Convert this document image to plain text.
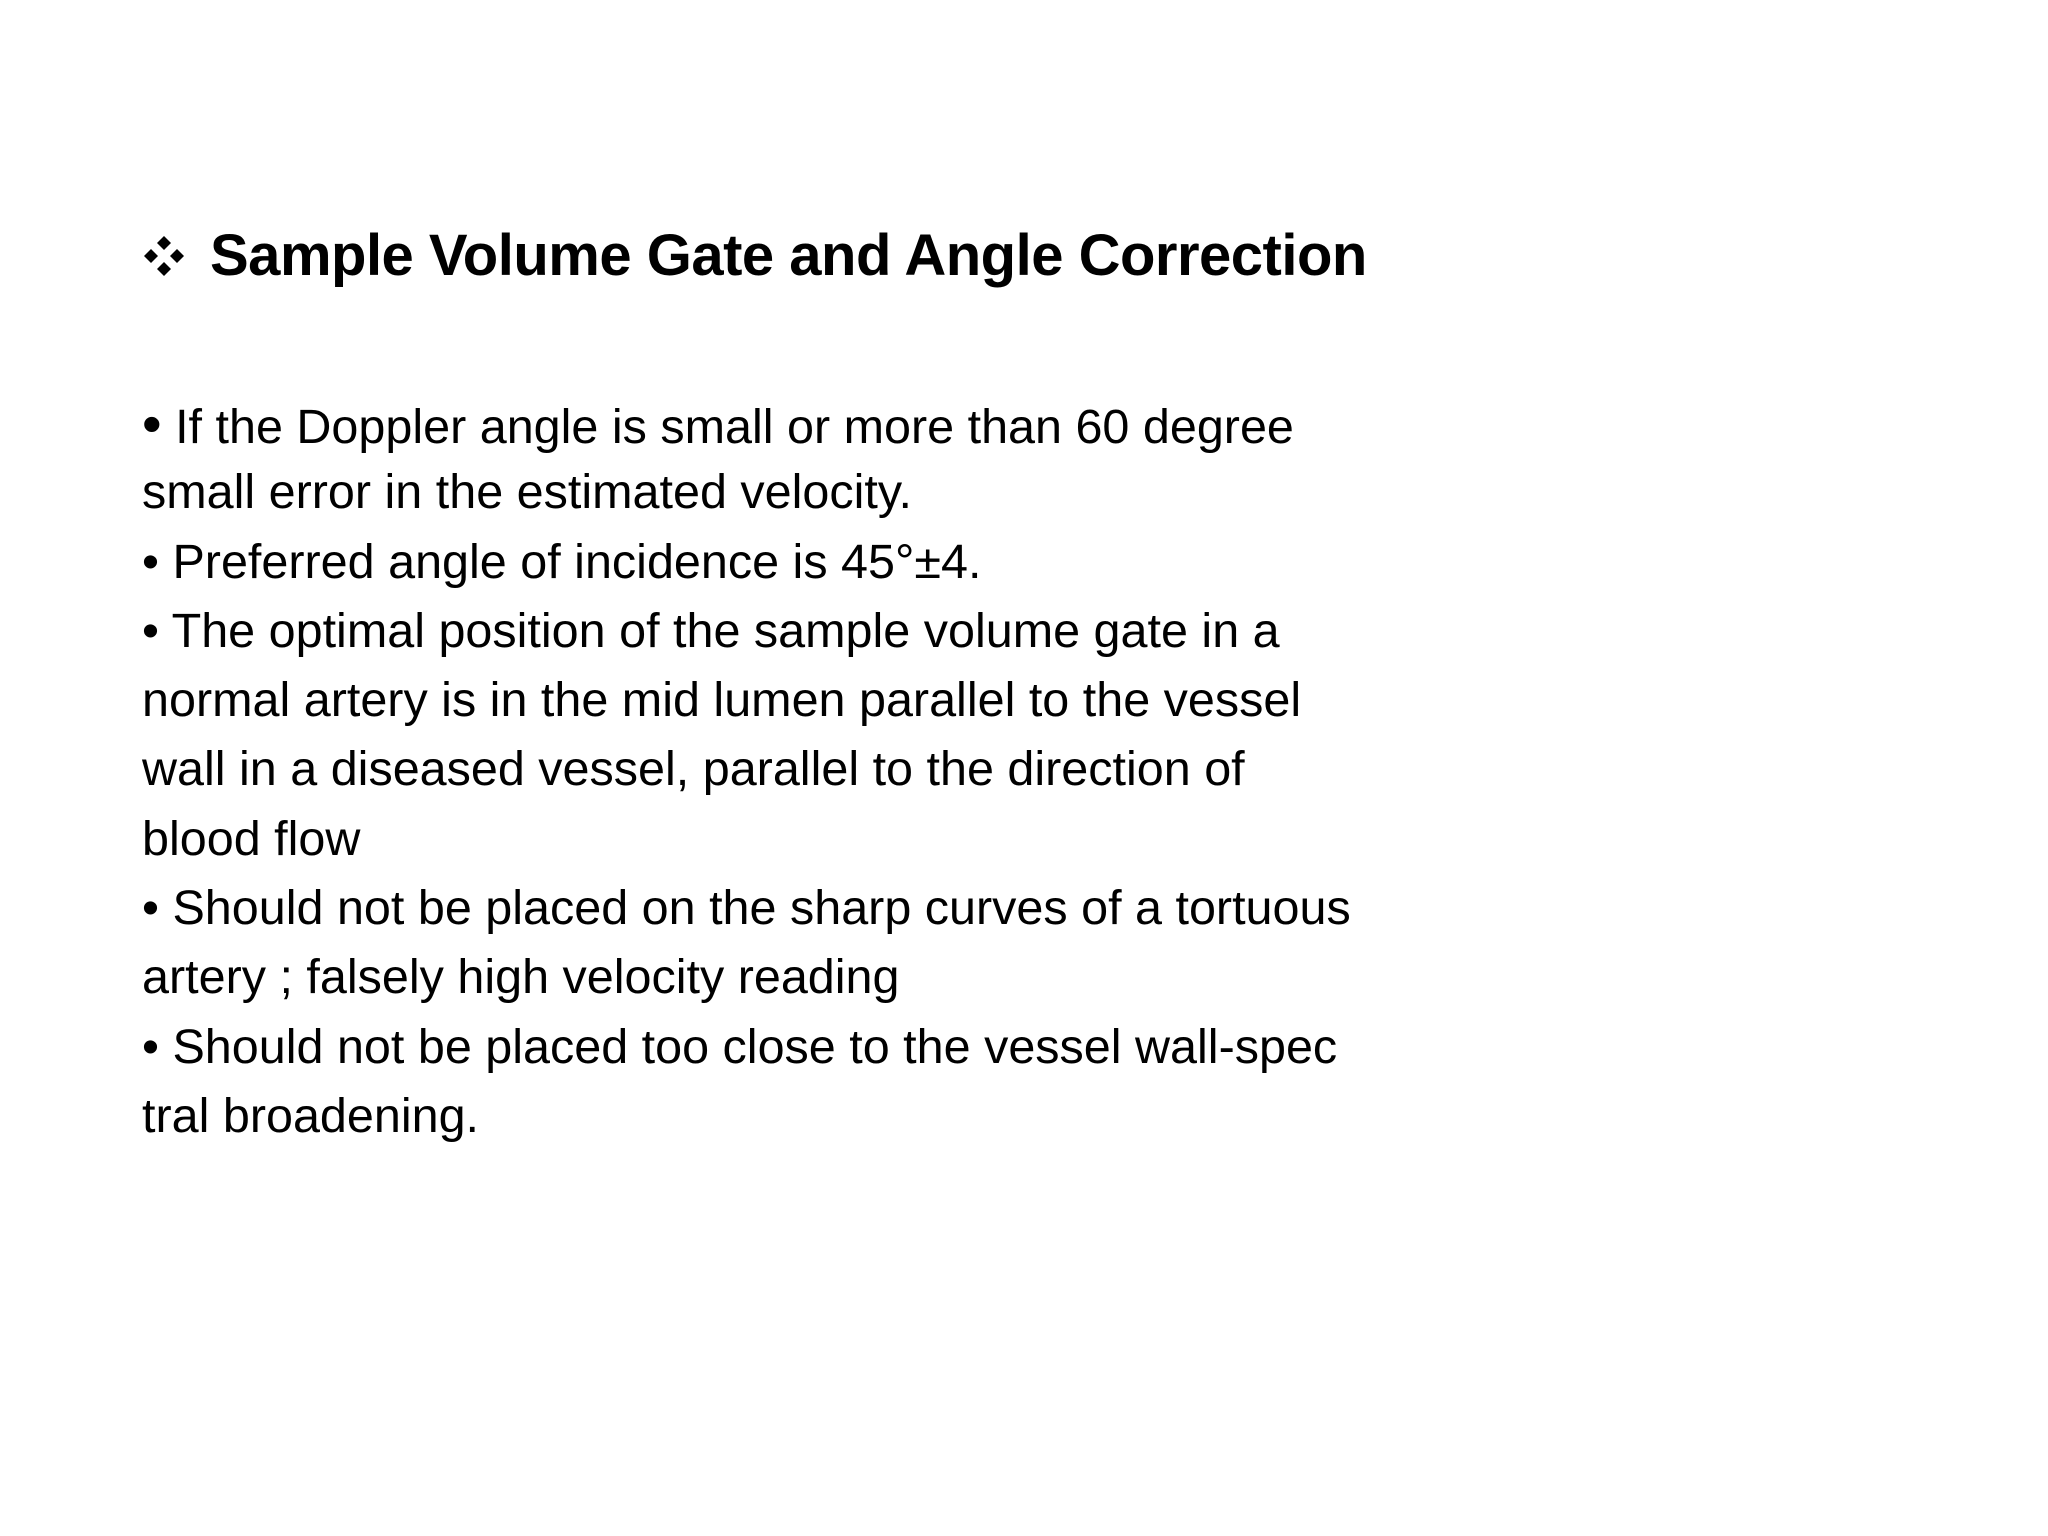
Sample Volume Gate and Angle Correction
• If the Doppler angle is small or more than 60 degree
small error in the estimated velocity.
• Preferred angle of incidence is 45°±4.
• The optimal position of the sample volume gate in a
normal artery is in the mid lumen parallel to the vessel
wall in a diseased vessel, parallel to the direction of
blood flow
• Should not be placed on the sharp curves of a tortuous
artery ; falsely high velocity reading
• Should not be placed too close to the vessel wall-spec
tral broadening.
